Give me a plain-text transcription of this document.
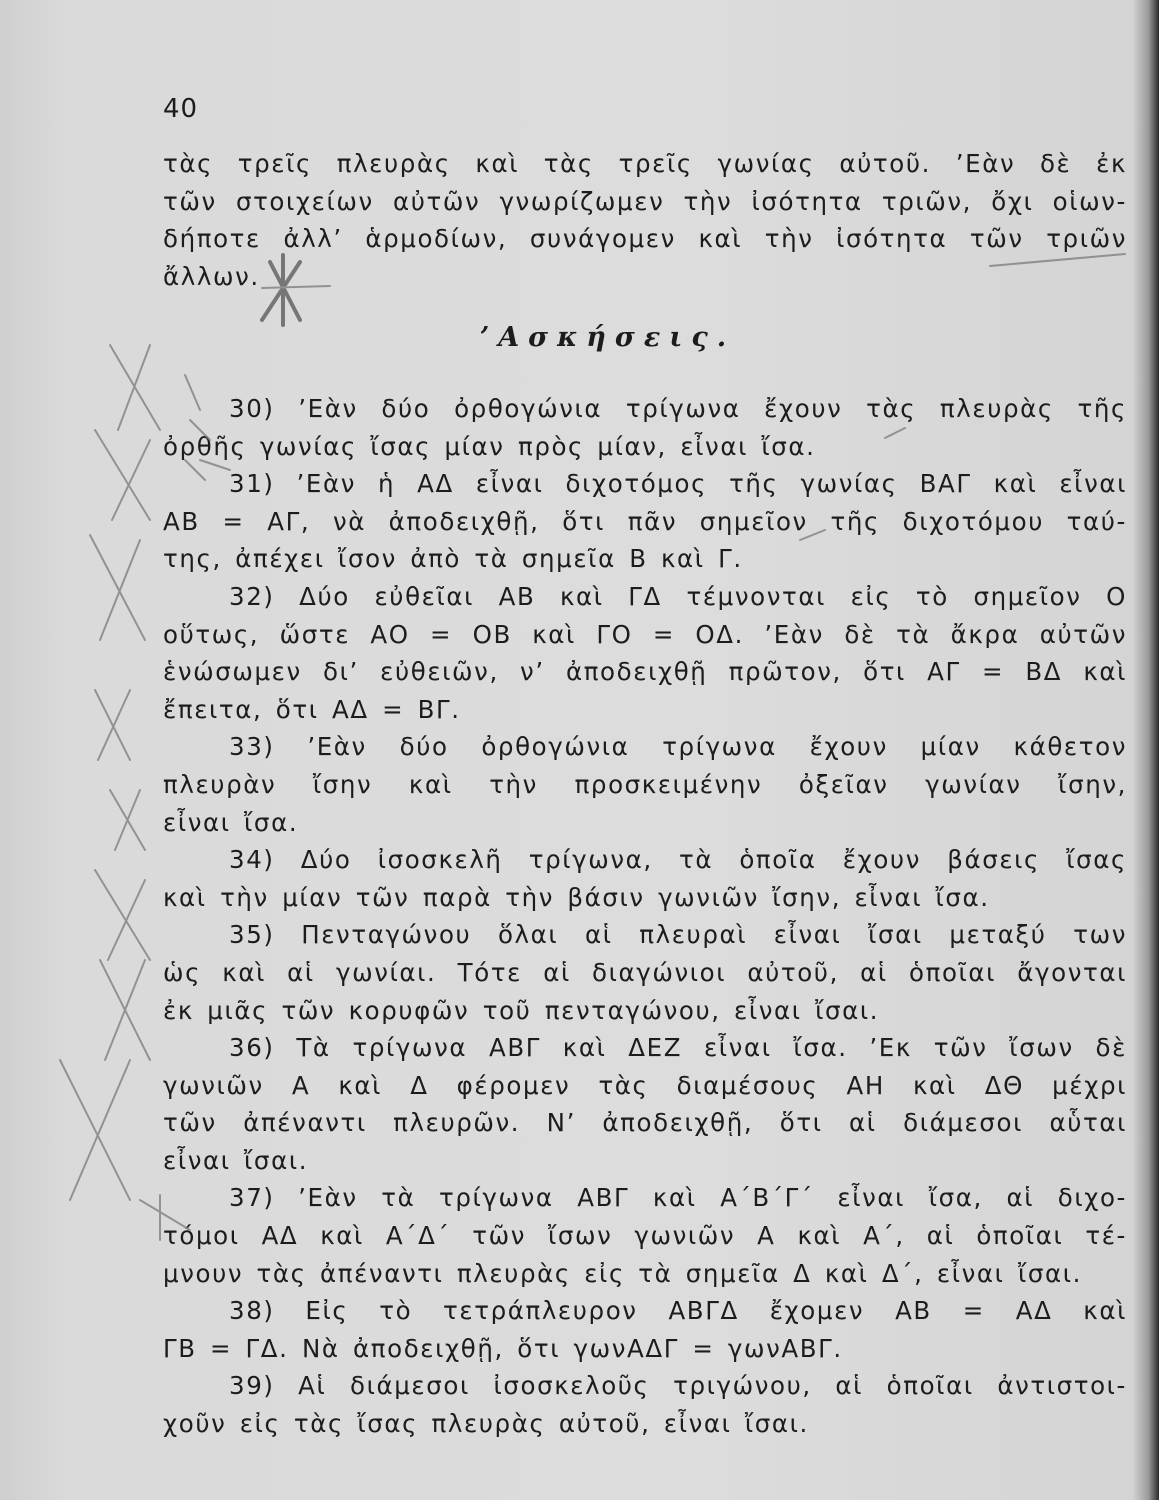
40
τὰς τρεῖς πλευρὰς καὶ τὰς τρεῖς γωνίας αὐτοῦ. ’Εὰν δὲ ἐκ
τῶν στοιχείων αὐτῶν γνωρίζωμεν τὴν ἰσότητα τριῶν, ὄχι οἱων-
δήποτε ἀλλ’ ἁρμοδίων, συνάγομεν καὶ τὴν ἰσότητα τῶν τριῶν
ἄλλων.
’Ασκήσεις.
30) ’Εὰν δύο ὀρθογώνια τρίγωνα ἔχουν τὰς πλευρὰς τῆς
ὀρθῆς γωνίας ἴσας μίαν πρὸς μίαν, εἶναι ἴσα.
31) ’Εὰν ἡ ΑΔ εἶναι διχοτόμος τῆς γωνίας ΒΑΓ καὶ εἶναι
ΑΒ = ΑΓ, νὰ ἀποδειχθῇ, ὅτι πᾶν σημεῖον τῆς διχοτόμου ταύ-
της, ἀπέχει ἴσον ἀπὸ τὰ σημεῖα Β καὶ Γ.
32) Δύο εὐθεῖαι ΑΒ καὶ ΓΔ τέμνονται εἰς τὸ σημεῖον Ο
οὕτως, ὥστε ΑΟ = ΟΒ καὶ ΓΟ = ΟΔ. ’Εὰν δὲ τὰ ἄκρα αὐτῶν
ἑνώσωμεν δι’ εὐθειῶν, ν’ ἀποδειχθῇ πρῶτον, ὅτι ΑΓ = ΒΔ καὶ
ἔπειτα, ὅτι ΑΔ = ΒΓ.
33) ’Εὰν δύο ὀρθογώνια τρίγωνα ἔχουν μίαν κάθετον
πλευρὰν ἴσην καὶ τὴν προσκειμένην ὀξεῖαν γωνίαν ἴσην,
εἶναι ἴσα.
34) Δύο ἰσοσκελῆ τρίγωνα, τὰ ὁποῖα ἔχουν βάσεις ἴσας
καὶ τὴν μίαν τῶν παρὰ τὴν βάσιν γωνιῶν ἴσην, εἶναι ἴσα.
35) Πενταγώνου ὅλαι αἱ πλευραὶ εἶναι ἴσαι μεταξύ των
ὡς καὶ αἱ γωνίαι. Τότε αἱ διαγώνιοι αὐτοῦ, αἱ ὁποῖαι ἄγονται
ἐκ μιᾶς τῶν κορυφῶν τοῦ πενταγώνου, εἶναι ἴσαι.
36) Τὰ τρίγωνα ΑΒΓ καὶ ΔΕΖ εἶναι ἴσα. ’Εκ τῶν ἴσων δὲ
γωνιῶν Α καὶ Δ φέρομεν τὰς διαμέσους ΑΗ καὶ ΔΘ μέχρι
τῶν ἀπέναντι πλευρῶν. Ν’ ἀποδειχθῇ, ὅτι αἱ διάμεσοι αὗται
εἶναι ἴσαι.
37) ’Εὰν τὰ τρίγωνα ΑΒΓ καὶ Α΄Β΄Γ΄ εἶναι ἴσα, αἱ διχο-
τόμοι ΑΔ καὶ Α΄Δ΄ τῶν ἴσων γωνιῶν Α καὶ Α΄, αἱ ὁποῖαι τέ-
μνουν τὰς ἀπέναντι πλευρὰς εἰς τὰ σημεῖα Δ καὶ Δ΄, εἶναι ἴσαι.
38) Εἰς τὸ τετράπλευρον ΑΒΓΔ ἔχομεν ΑΒ = ΑΔ καὶ
ΓΒ = ΓΔ. Νὰ ἀποδειχθῇ, ὅτι γωνΑΔΓ = γωνΑΒΓ.
39) Αἱ διάμεσοι ἰσοσκελοῦς τριγώνου, αἱ ὁποῖαι ἀντιστοι-
χοῦν εἰς τὰς ἴσας πλευρὰς αὐτοῦ, εἶναι ἴσαι.
